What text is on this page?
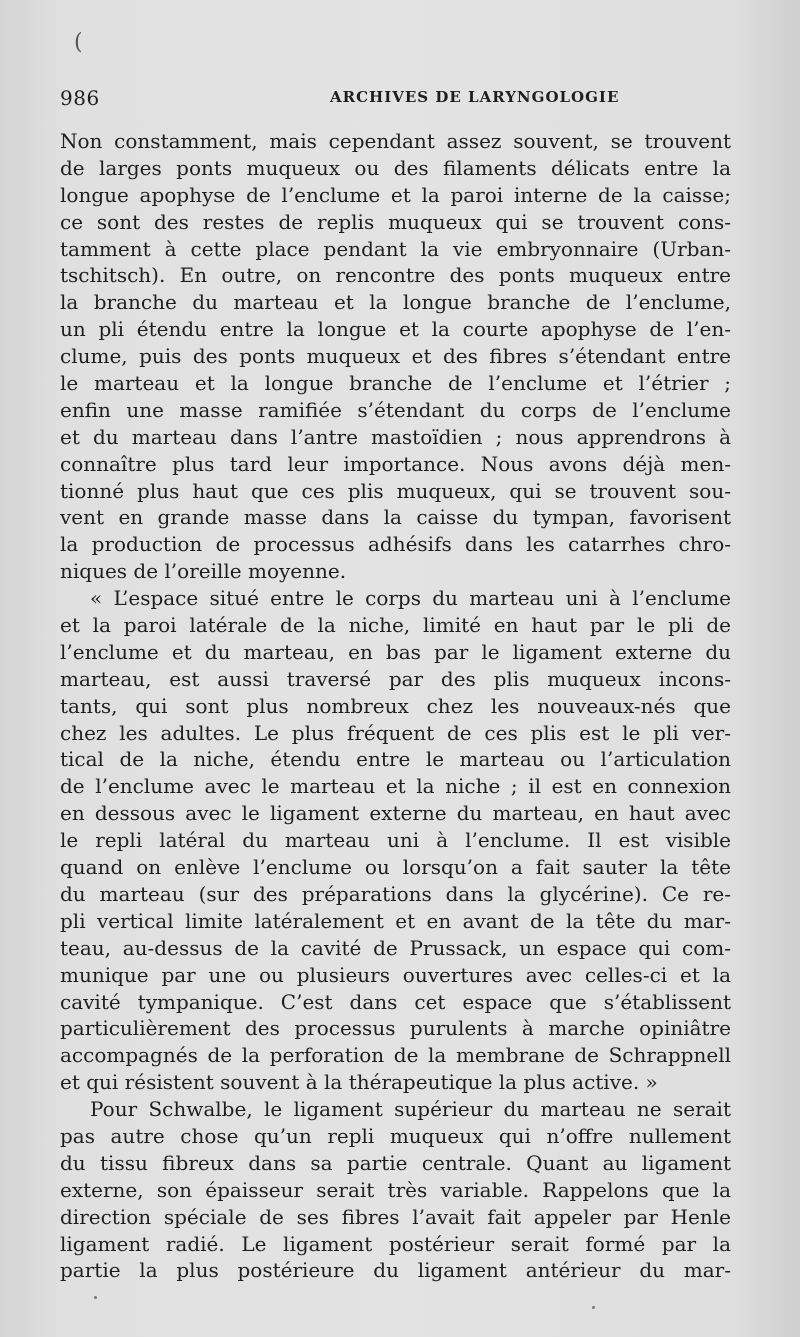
(
986	ARCHIVES DE LARYNGOLOGIE
Non constamment, mais cependant assez souvent, se trouvent
de larges ponts muqueux ou des filaments délicats entre la
longue apophyse de l’enclume et la paroi interne de la caisse;
ce sont des restes de replis muqueux qui se trouvent cons-
tamment à cette place pendant la vie embryonnaire (Urban-
tschitsch). En outre, on rencontre des ponts muqueux entre
la branche du marteau et la longue branche de l’enclume,
un pli étendu entre la longue et la courte apophyse de l’en-
clume, puis des ponts muqueux et des fibres s’étendant entre
le marteau et la longue branche de l’enclume et l’étrier ;
enfin une masse ramifiée s’étendant du corps de l’enclume
et du marteau dans l’antre mastoïdien ; nous apprendrons à
connaître plus tard leur importance. Nous avons déjà men-
tionné plus haut que ces plis muqueux, qui se trouvent sou-
vent en grande masse dans la caisse du tympan, favorisent
la production de processus adhésifs dans les catarrhes chro-
niques de l’oreille moyenne.
« L’espace situé entre le corps du marteau uni à l’enclume
et la paroi latérale de la niche, limité en haut par le pli de
l’enclume et du marteau, en bas par le ligament externe du
marteau, est aussi traversé par des plis muqueux incons-
tants, qui sont plus nombreux chez les nouveaux-nés que
chez les adultes. Le plus fréquent de ces plis est le pli ver-
tical de la niche, étendu entre le marteau ou l’articulation
de l’enclume avec le marteau et la niche ; il est en connexion
en dessous avec le ligament externe du marteau, en haut avec
le repli latéral du marteau uni à l’enclume. Il est visible
quand on enlève l’enclume ou lorsqu’on a fait sauter la tête
du marteau (sur des préparations dans la glycérine). Ce re-
pli vertical limite latéralement et en avant de la tête du mar-
teau, au-dessus de la cavité de Prussack, un espace qui com-
munique par une ou plusieurs ouvertures avec celles-ci et la
cavité tympanique. C’est dans cet espace que s’établissent
particulièrement des processus purulents à marche opiniâtre
accompagnés de la perforation de la membrane de Schrappnell
et qui résistent souvent à la thérapeutique la plus active. »
Pour Schwalbe, le ligament supérieur du marteau ne serait
pas autre chose qu’un repli muqueux qui n’offre nullement
du tissu fibreux dans sa partie centrale. Quant au ligament
externe, son épaisseur serait très variable. Rappelons que la
direction spéciale de ses fibres l’avait fait appeler par Henle
ligament radié. Le ligament postérieur serait formé par la
partie la plus postérieure du ligament antérieur du mar-
